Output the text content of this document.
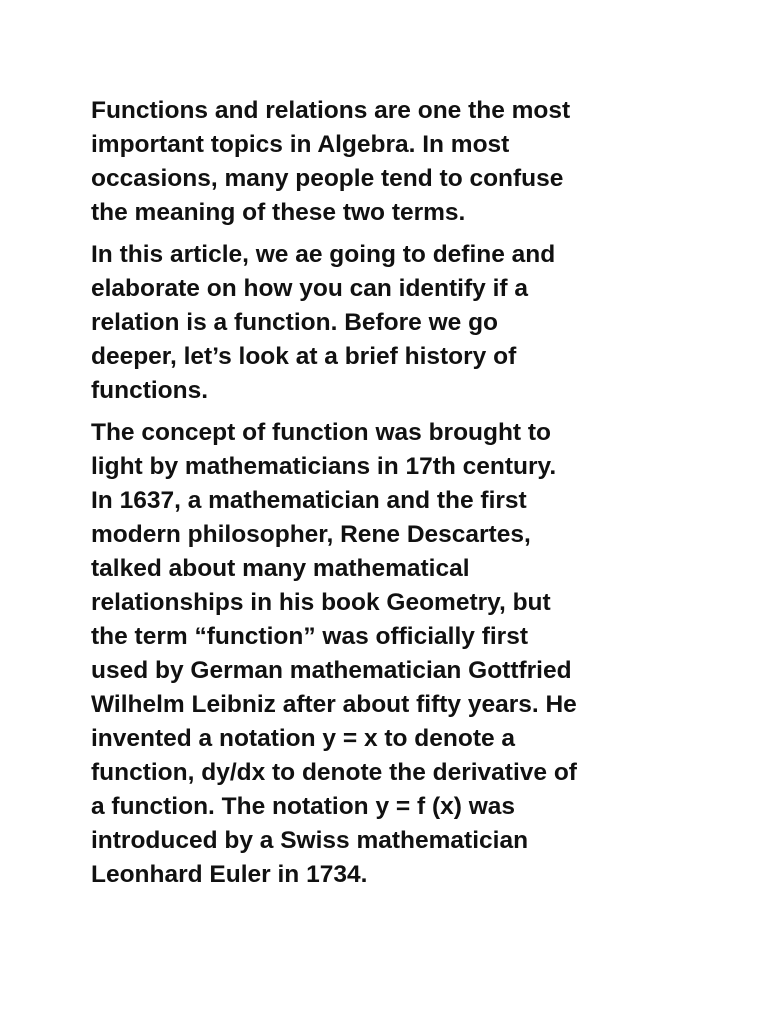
Functions and relations are one the most
important topics in Algebra. In most
occasions, many people tend to confuse
the meaning of these two terms.

In this article, we ae going to define and
elaborate on how you can identify if a
relation is a function. Before we go
deeper, let’s look at a brief history of
functions.

The concept of function was brought to
light by mathematicians in 17th century.
In 1637, a mathematician and the first
modern philosopher, Rene Descartes,
talked about many mathematical
relationships in his book Geometry, but
the term “function” was officially first
used by German mathematician Gottfried
Wilhelm Leibniz after about fifty years. He
invented a notation y = x to denote a
function, dy/dx to denote the derivative of
a function. The notation y = f (x) was
introduced by a Swiss mathematician
Leonhard Euler in 1734.
